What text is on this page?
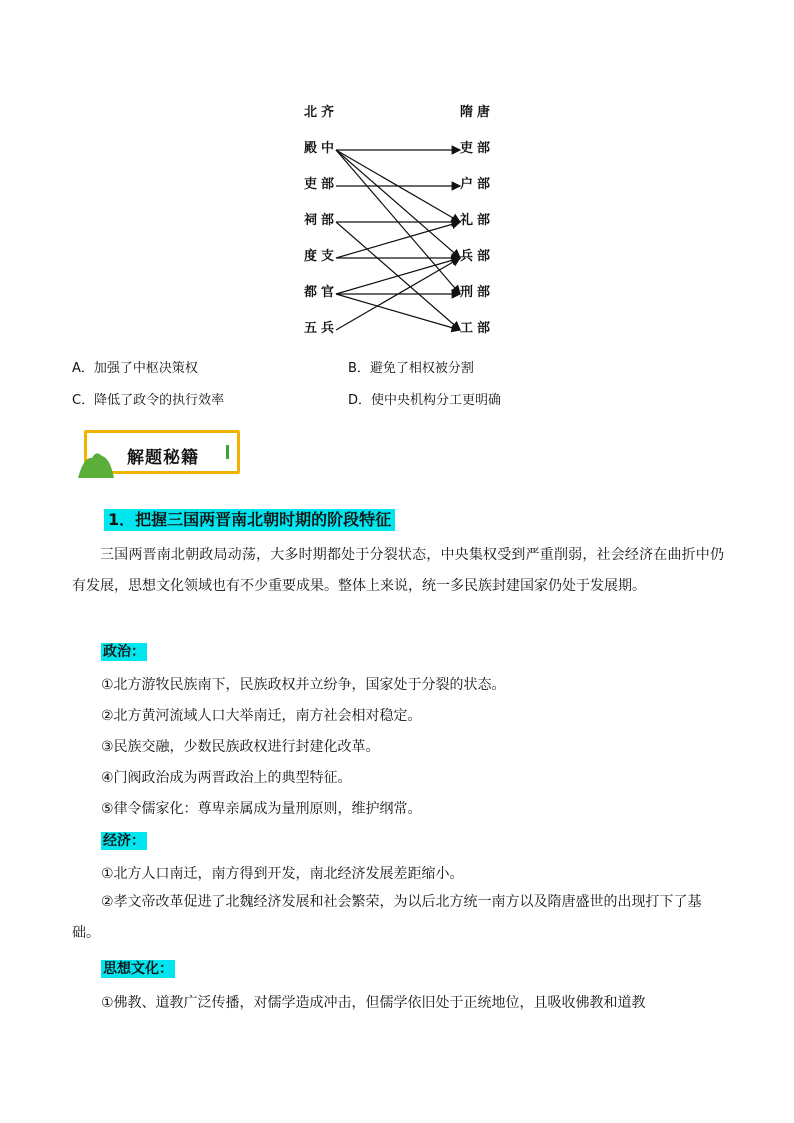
北齐	隋唐
殿中
吏部
祠部
度支
都官
五兵
吏部
户部
礼部
兵部
刑部
工部
A．加强了中枢决策权	B．避免了相权被分割
C．降低了政令的执行效率	D．使中央机构分工更明确
解题秘籍
1．把握三国两晋南北朝时期的阶段特征
三国两晋南北朝政局动荡，大多时期都处于分裂状态，中央集权受到严重削弱，社会经济在曲折中仍有发展，思想文化领域也有不少重要成果。整体上来说，统一多民族封建国家仍处于发展期。
政治：
①北方游牧民族南下，民族政权并立纷争，国家处于分裂的状态。
②北方黄河流域人口大举南迁，南方社会相对稳定。
③民族交融，少数民族政权进行封建化改革。
④门阀政治成为两晋政治上的典型特征。
⑤律令儒家化：尊卑亲属成为量刑原则，维护纲常。
经济：
①北方人口南迁，南方得到开发，南北经济发展差距缩小。
②孝文帝改革促进了北魏经济发展和社会繁荣，为以后北方统一南方以及隋唐盛世的出现打下了基础。
思想文化：
①佛教、道教广泛传播，对儒学造成冲击，但儒学依旧处于正统地位，且吸收佛教和道教
